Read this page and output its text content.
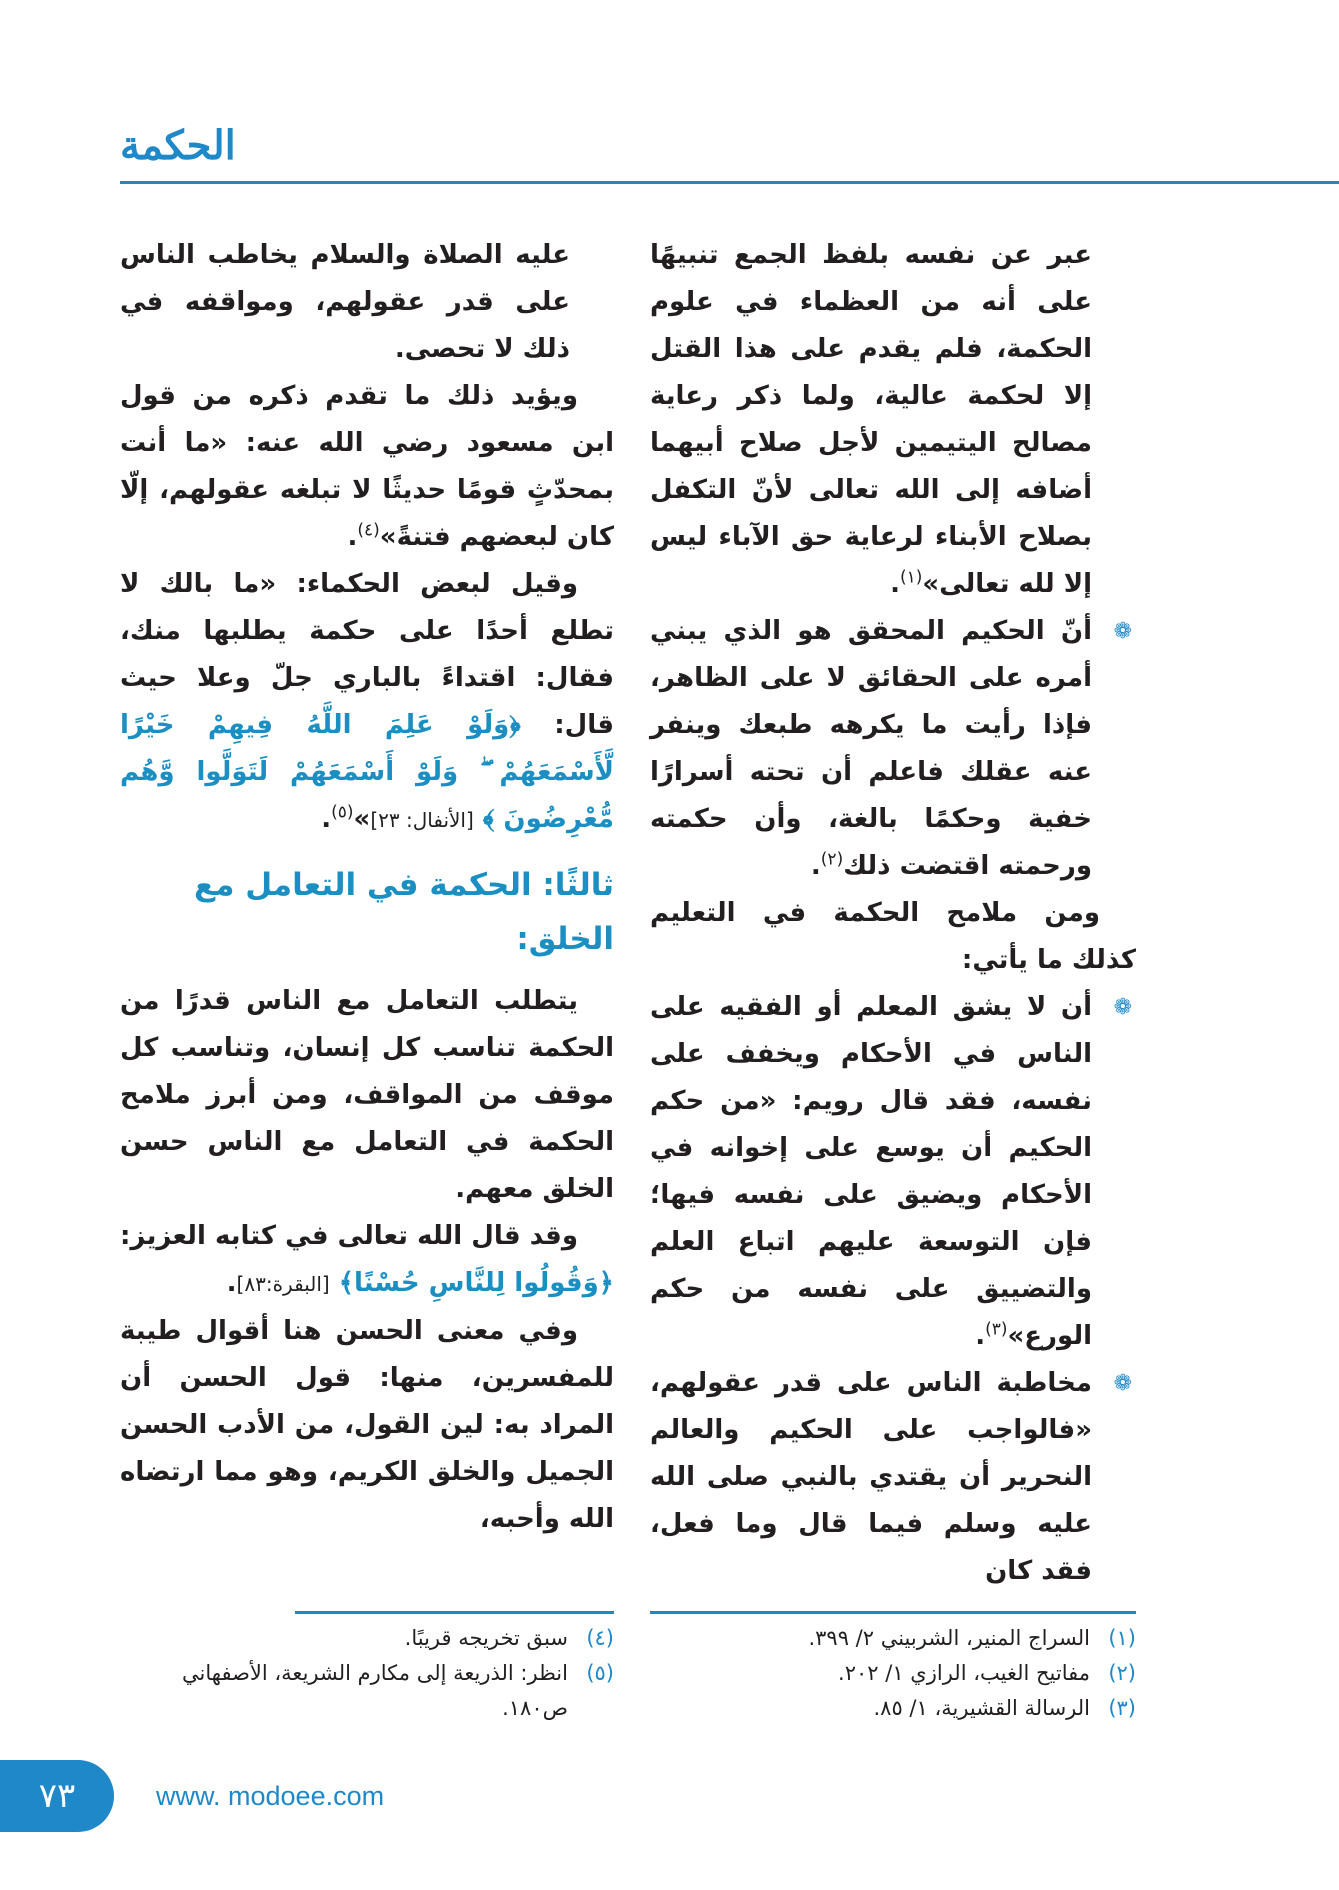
الحكمة

عبر عن نفسه بلفظ الجمع تنبيهًا على أنه من العظماء في علوم الحكمة، فلم يقدم على هذا القتل إلا لحكمة عالية، ولما ذكر رعاية مصالح اليتيمين لأجل صلاح أبيهما أضافه إلى الله تعالى لأنّ التكفل بصلاح الأبناء لرعاية حق الآباء ليس إلا لله تعالى»$^{(١)}$.

❁
أنّ الحكيم المحقق هو الذي يبني أمره على الحقائق لا على الظاهر، فإذا رأيت ما يكرهه طبعك وينفر عنه عقلك فاعلم أن تحته أسرارًا خفية وحكمًا بالغة، وأن حكمته ورحمته اقتضت ذلك$^{(٢)}$.

ومن ملامح الحكمة في التعليم كذلك ما يأتي:

❁
أن لا يشق المعلم أو الفقيه على الناس في الأحكام ويخفف على نفسه، فقد قال رويم: «من حكم الحكيم أن يوسع على إخوانه في الأحكام ويضيق على نفسه فيها؛ فإن التوسعة عليهم اتباع العلم والتضييق على نفسه من حكم الورع»$^{(٣)}$.

❁
مخاطبة الناس على قدر عقولهم، «فالواجب على الحكيم والعالم النحرير أن يقتدي بالنبي صلى الله عليه وسلم فيما قال وما فعل، فقد كان

عليه الصلاة والسلام يخاطب الناس على قدر عقولهم، ومواقفه في ذلك لا تحصى.

ويؤيد ذلك ما تقدم ذكره من قول ابن مسعود رضي الله عنه: «ما أنت بمحدّثٍ قومًا حديثًا لا تبلغه عقولهم، إلّا كان لبعضهم فتنةً»$^{(٤)}$.

وقيل لبعض الحكماء: «ما بالك لا تطلع أحدًا على حكمة يطلبها منك، فقال: اقتداءً بالباري جلّ وعلا حيث قال: ﴿وَلَوْ عَلِمَ اللَّهُ فِيهِمْ خَيْرًا لَّأَسْمَعَهُمْ ۖ وَلَوْ أَسْمَعَهُمْ لَتَوَلَّوا وَّهُم مُّعْرِضُونَ ﴾ [الأنفال: ٢٣]»$^{(٥)}$.

ثالثًا: الحكمة في التعامل مع الخلق:

يتطلب التعامل مع الناس قدرًا من الحكمة تناسب كل إنسان، وتناسب كل موقف من المواقف، ومن أبرز ملامح الحكمة في التعامل مع الناس حسن الخلق معهم.

وقد قال الله تعالى في كتابه العزيز: ﴿وَقُولُوا لِلنَّاسِ حُسْنًا﴾ [البقرة:٨٣].

وفي معنى الحسن هنا أقوال طيبة للمفسرين، منها: قول الحسن أن المراد به: لين القول، من الأدب الحسن الجميل والخلق الكريم، وهو مما ارتضاه الله وأحبه،

(١)
السراج المنير، الشربيني ٢/ ٣٩٩.
(٢)
مفاتيح الغيب، الرازي ١/ ٢٠٢.
(٣)
الرسالة القشيرية، ١/ ٨٥.
(٤)
سبق تخريجه قريبًا.
(٥)
انظر: الذريعة إلى مكارم الشريعة، الأصفهاني ص١٨٠.
٧٣	www. modoee.com
